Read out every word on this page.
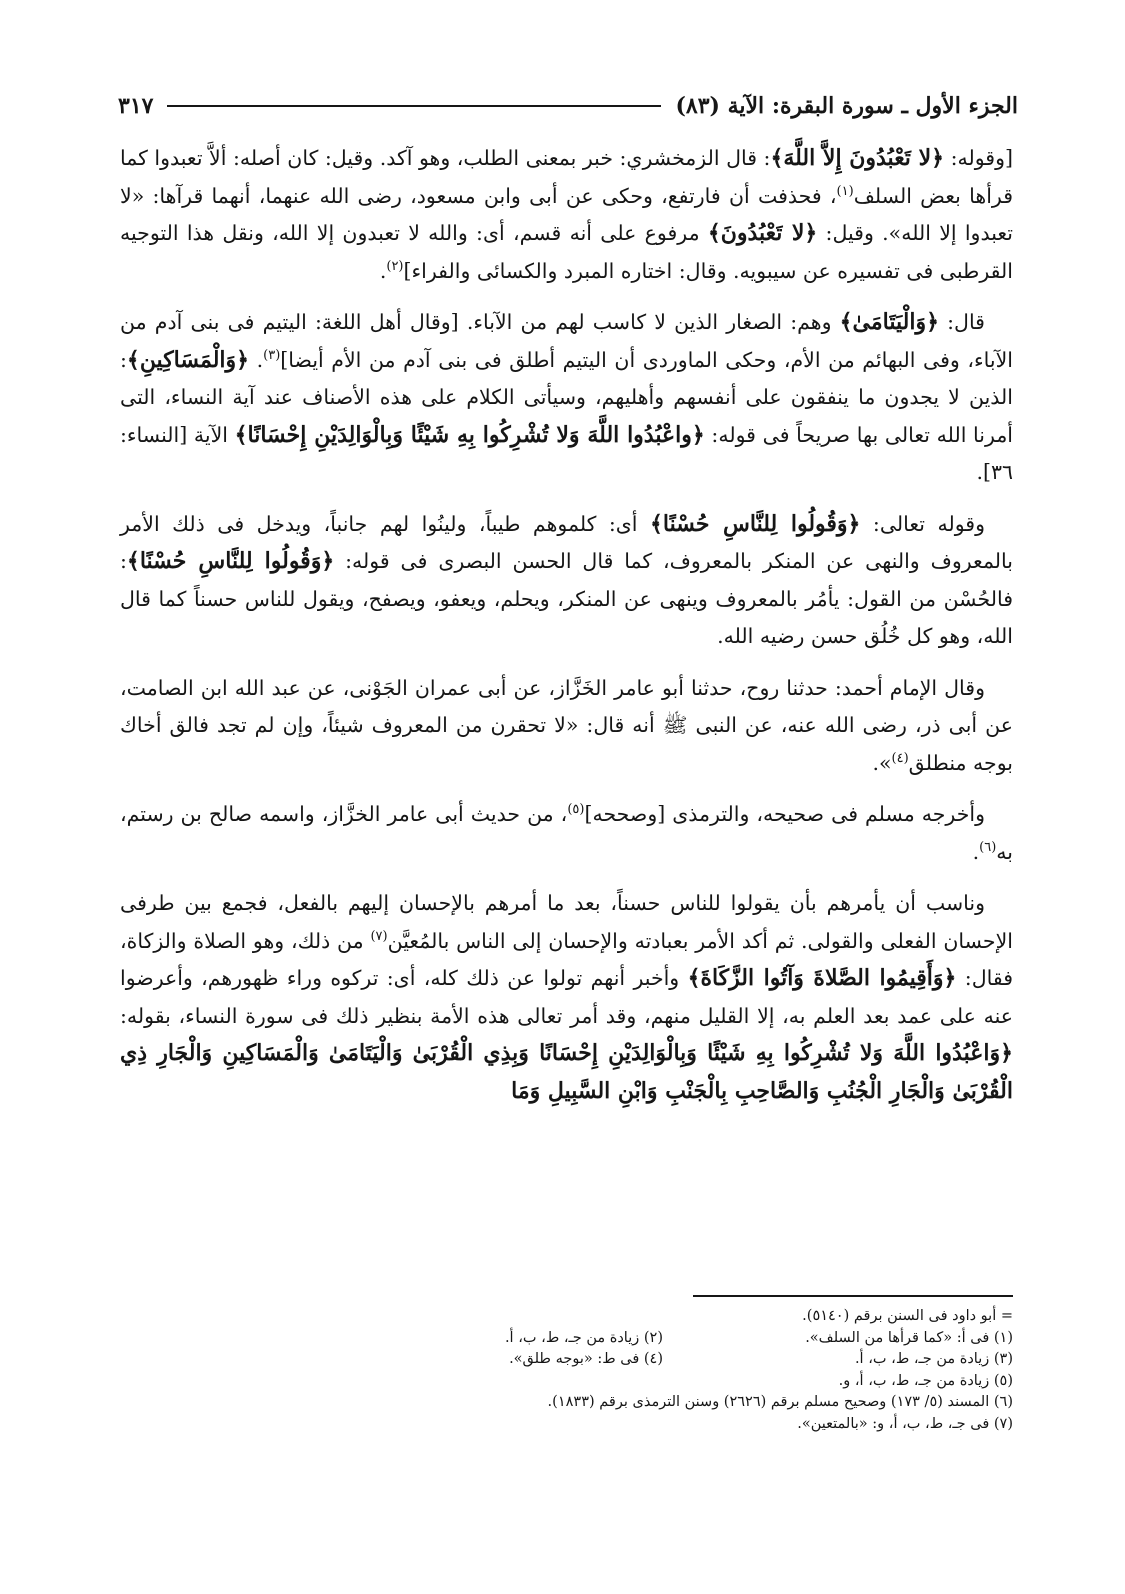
الجزء الأول ـ سورة البقرة: الآية (٨٣)
٣١٧

[وقوله: ﴿لا تَعْبُدُونَ إِلاَّ اللَّهَ﴾: قال الزمخشري: خبر بمعنى الطلب، وهو آكد. وقيل: كان أصله: ألاَّ تعبدوا كما قرأها بعض السلف$^{(١)}$، فحذفت أن فارتفع، وحكى عن أبى وابن مسعود، رضى الله عنهما، أنهما قرآها: «لا تعبدوا إلا الله». وقيل: ﴿لا تَعْبُدُونَ﴾ مرفوع على أنه قسم، أى: والله لا تعبدون إلا الله، ونقل هذا التوجيه القرطبى فى تفسيره عن سيبويه. وقال: اختاره المبرد والكسائى والفراء]$^{(٢)}$.

قال: ﴿وَالْيَتَامَىٰ﴾ وهم: الصغار الذين لا كاسب لهم من الآباء. [وقال أهل اللغة: اليتيم فى بنى آدم من الآباء، وفى البهائم من الأم، وحكى الماوردى أن اليتيم أطلق فى بنى آدم من الأم أيضا]$^{(٣)}$. ﴿وَالْمَسَاكِينِ﴾: الذين لا يجدون ما ينفقون على أنفسهم وأهليهم، وسيأتى الكلام على هذه الأصناف عند آية النساء، التى أمرنا الله تعالى بها صريحاً فى قوله: ﴿واعْبُدُوا اللَّهَ وَلا تُشْرِكُوا بِهِ شَيْئًا وَبِالْوَالِدَيْنِ إِحْسَانًا﴾ الآية [النساء: ٣٦].

وقوله تعالى: ﴿وَقُولُوا لِلنَّاسِ حُسْنًا﴾ أى: كلموهم طيباً، ولينُوا لهم جانباً، ويدخل فى ذلك الأمر بالمعروف والنهى عن المنكر بالمعروف، كما قال الحسن البصرى فى قوله: ﴿وَقُولُوا لِلنَّاسِ حُسْنًا﴾: فالحُسْن من القول: يأمُر بالمعروف وينهى عن المنكر، ويحلم، ويعفو، ويصفح، ويقول للناس حسناً كما قال الله، وهو كل خُلُق حسن رضيه الله.

وقال الإمام أحمد: حدثنا روح، حدثنا أبو عامر الخَزَّاز، عن أبى عمران الجَوْنى، عن عبد الله ابن الصامت، عن أبى ذر، رضى الله عنه، عن النبى ﷺ أنه قال: «لا تحقرن من المعروف شيئاً، وإن لم تجد فالق أخاك بوجه منطلق$^{(٤)}$».

وأخرجه مسلم فى صحيحه، والترمذى [وصححه]$^{(٥)}$، من حديث أبى عامر الخزَّاز، واسمه صالح بن رستم، به$^{(٦)}$.

وناسب أن يأمرهم بأن يقولوا للناس حسناً، بعد ما أمرهم بالإحسان إليهم بالفعل، فجمع بين طرفى الإحسان الفعلى والقولى. ثم أكد الأمر بعبادته والإحسان إلى الناس بالمُعيَّن$^{(٧)}$ من ذلك، وهو الصلاة والزكاة، فقال: ﴿وَأَقِيمُوا الصَّلاةَ وَآتُوا الزَّكَاةَ﴾ وأخبر أنهم تولوا عن ذلك كله، أى: تركوه وراء ظهورهم، وأعرضوا عنه على عمد بعد العلم به، إلا القليل منهم، وقد أمر تعالى هذه الأمة بنظير ذلك فى سورة النساء، بقوله: ﴿وَاعْبُدُوا اللَّهَ وَلا تُشْرِكُوا بِهِ شَيْئًا وَبِالْوَالِدَيْنِ إِحْسَانًا وَبِذِي الْقُرْبَىٰ وَالْيَتَامَىٰ وَالْمَسَاكِينِ وَالْجَارِ ذِي الْقُرْبَىٰ وَالْجَارِ الْجُنُبِ وَالصَّاحِبِ بِالْجَنْبِ وَابْنِ السَّبِيلِ وَمَا

= أبو داود فى السنن برقم (٥١٤٠).
(١) فى أ: «كما قرأها من السلف».
(٢) زيادة من جـ، ط، ب، أ.
(٣) زيادة من جـ، ط، ب، أ.
(٤) فى ط: «بوجه طلق».
(٥) زيادة من جـ، ط، ب، أ، و.
(٦) المسند (٥/ ١٧٣) وصحيح مسلم برقم (٢٦٢٦) وسنن الترمذى برقم (١٨٣٣).
(٧) فى جـ، ط، ب، أ، و: «بالمتعين».
